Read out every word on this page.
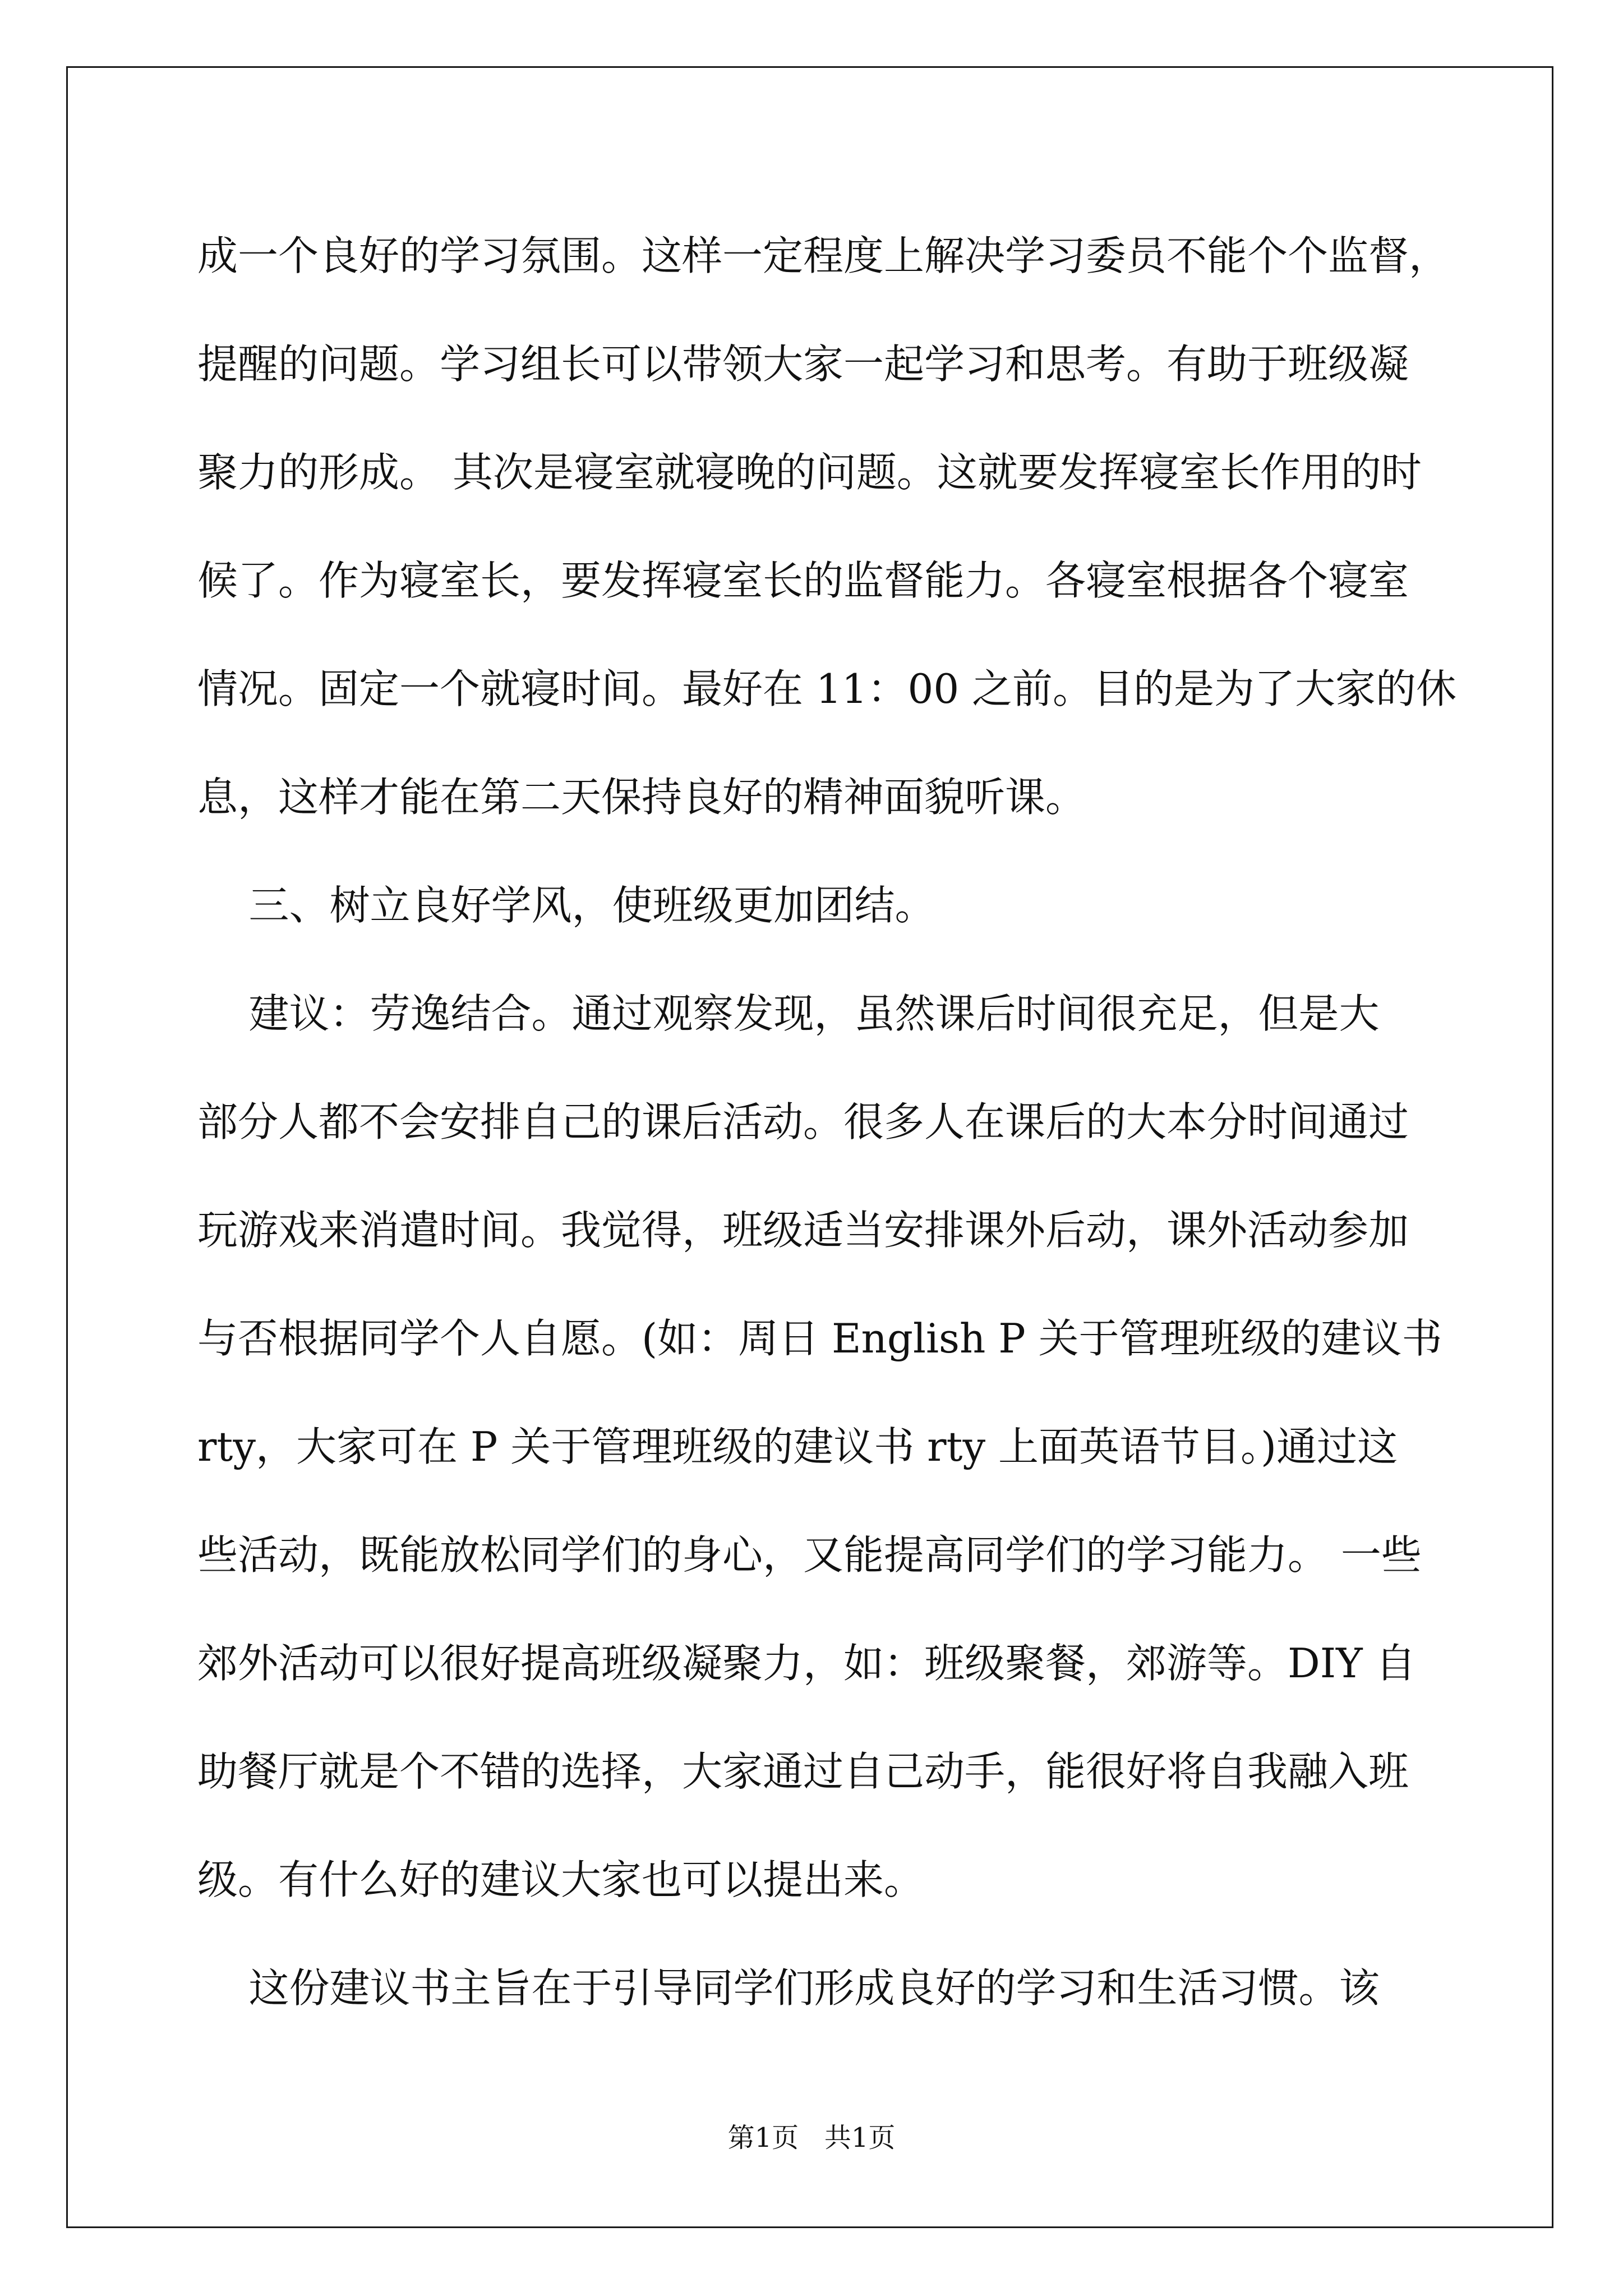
成一个良好的学习氛围。这样一定程度上解决学习委员不能个个监督，
提醒的问题。学习组长可以带领大家一起学习和思考。有助于班级凝
聚力的形成。 其次是寝室就寝晚的问题。这就要发挥寝室长作用的时
候了。作为寝室长，要发挥寝室长的监督能力。各寝室根据各个寝室
情况。固定一个就寝时间。最好在 11：00 之前。目的是为了大家的休
息，这样才能在第二天保持良好的精神面貌听课。
三、树立良好学风，使班级更加团结。
建议：劳逸结合。通过观察发现，虽然课后时间很充足，但是大
部分人都不会安排自己的课后活动。很多人在课后的大本分时间通过
玩游戏来消遣时间。我觉得，班级适当安排课外后动，课外活动参加
与否根据同学个人自愿。(如：周日 English P 关于管理班级的建议书
rty，大家可在 P 关于管理班级的建议书 rty 上面英语节目。)通过这
些活动，既能放松同学们的身心，又能提高同学们的学习能力。 一些
郊外活动可以很好提高班级凝聚力，如：班级聚餐，郊游等。DIY 自
助餐厅就是个不错的选择，大家通过自己动手，能很好将自我融入班
级。有什么好的建议大家也可以提出来。
这份建议书主旨在于引导同学们形成良好的学习和生活习惯。该
第1页   共1页
